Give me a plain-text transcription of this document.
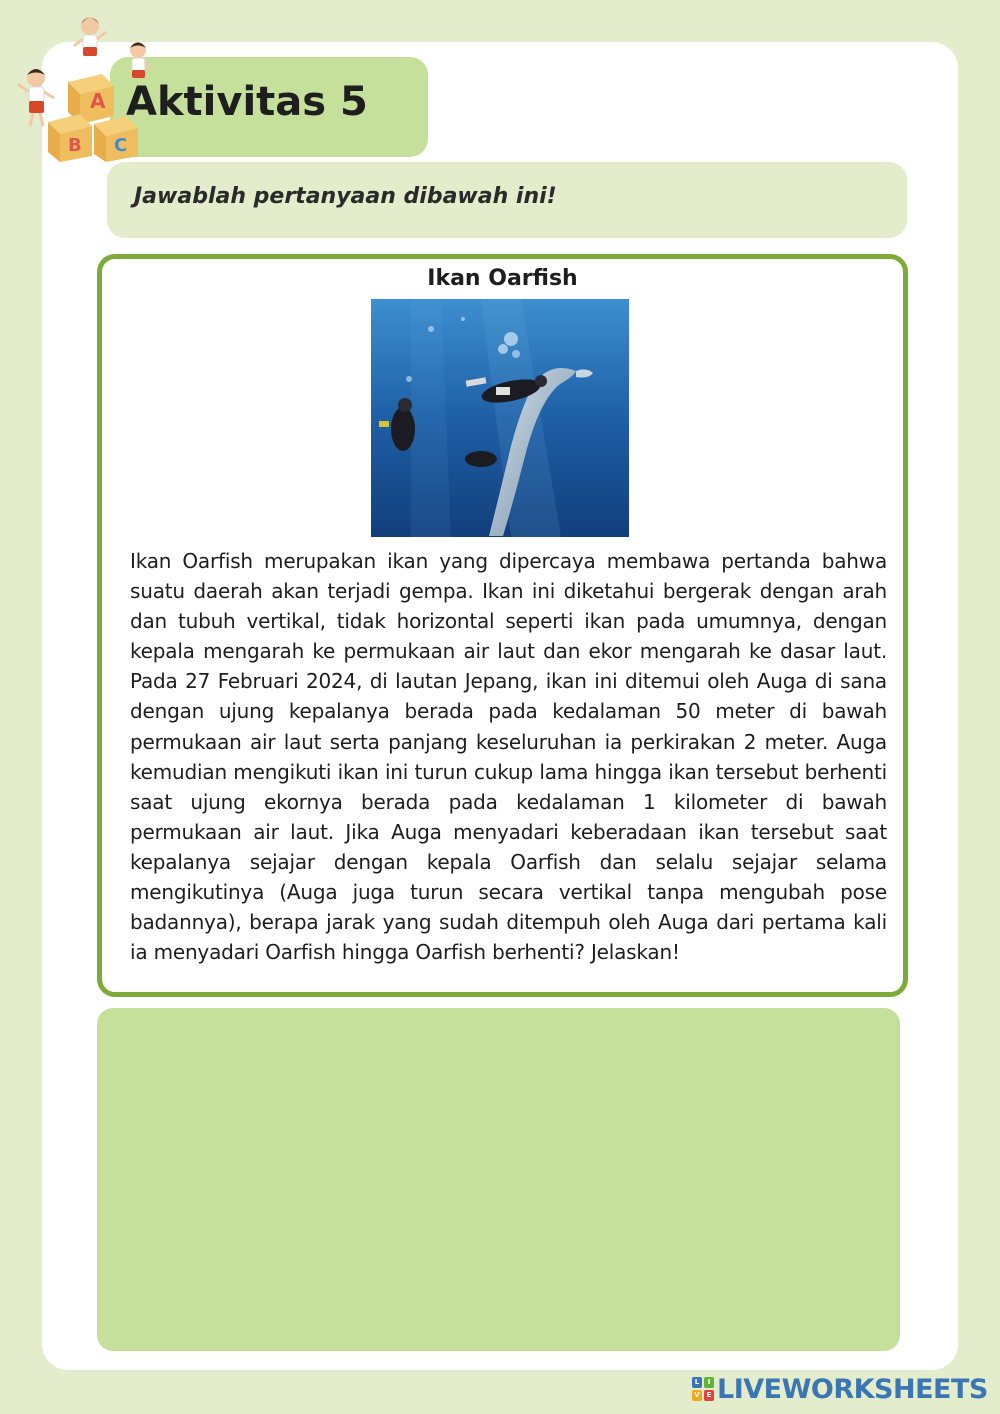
A
B C
Aktivitas 5
Jawablah pertanyaan dibawah ini!
Ikan Oarfish
Ikan Oarfish merupakan ikan yang dipercaya membawa pertanda bahwa suatu daerah akan terjadi gempa. Ikan ini diketahui bergerak dengan arah dan tubuh vertikal, tidak horizontal seperti ikan pada umumnya, dengan kepala mengarah ke permukaan air laut dan ekor mengarah ke dasar laut. Pada 27 Februari 2024, di lautan Jepang, ikan ini ditemui oleh Auga di sana dengan ujung kepalanya berada pada kedalaman 50 meter di bawah permukaan air laut serta panjang keseluruhan ia perkirakan 2 meter. Auga kemudian mengikuti ikan ini turun cukup lama hingga ikan tersebut berhenti saat ujung ekornya berada pada kedalaman 1 kilometer di bawah permukaan air laut. Jika Auga menyadari keberadaan ikan tersebut saat kepalanya sejajar dengan kepala Oarfish dan selalu sejajar selama mengikutinya (Auga juga turun secara vertikal tanpa mengubah pose badannya), berapa jarak yang sudah ditempuh oleh Auga dari pertama kali ia menyadari Oarfish hingga Oarfish berhenti? Jelaskan!
L	I
V E LIVEWORKSHEETS
